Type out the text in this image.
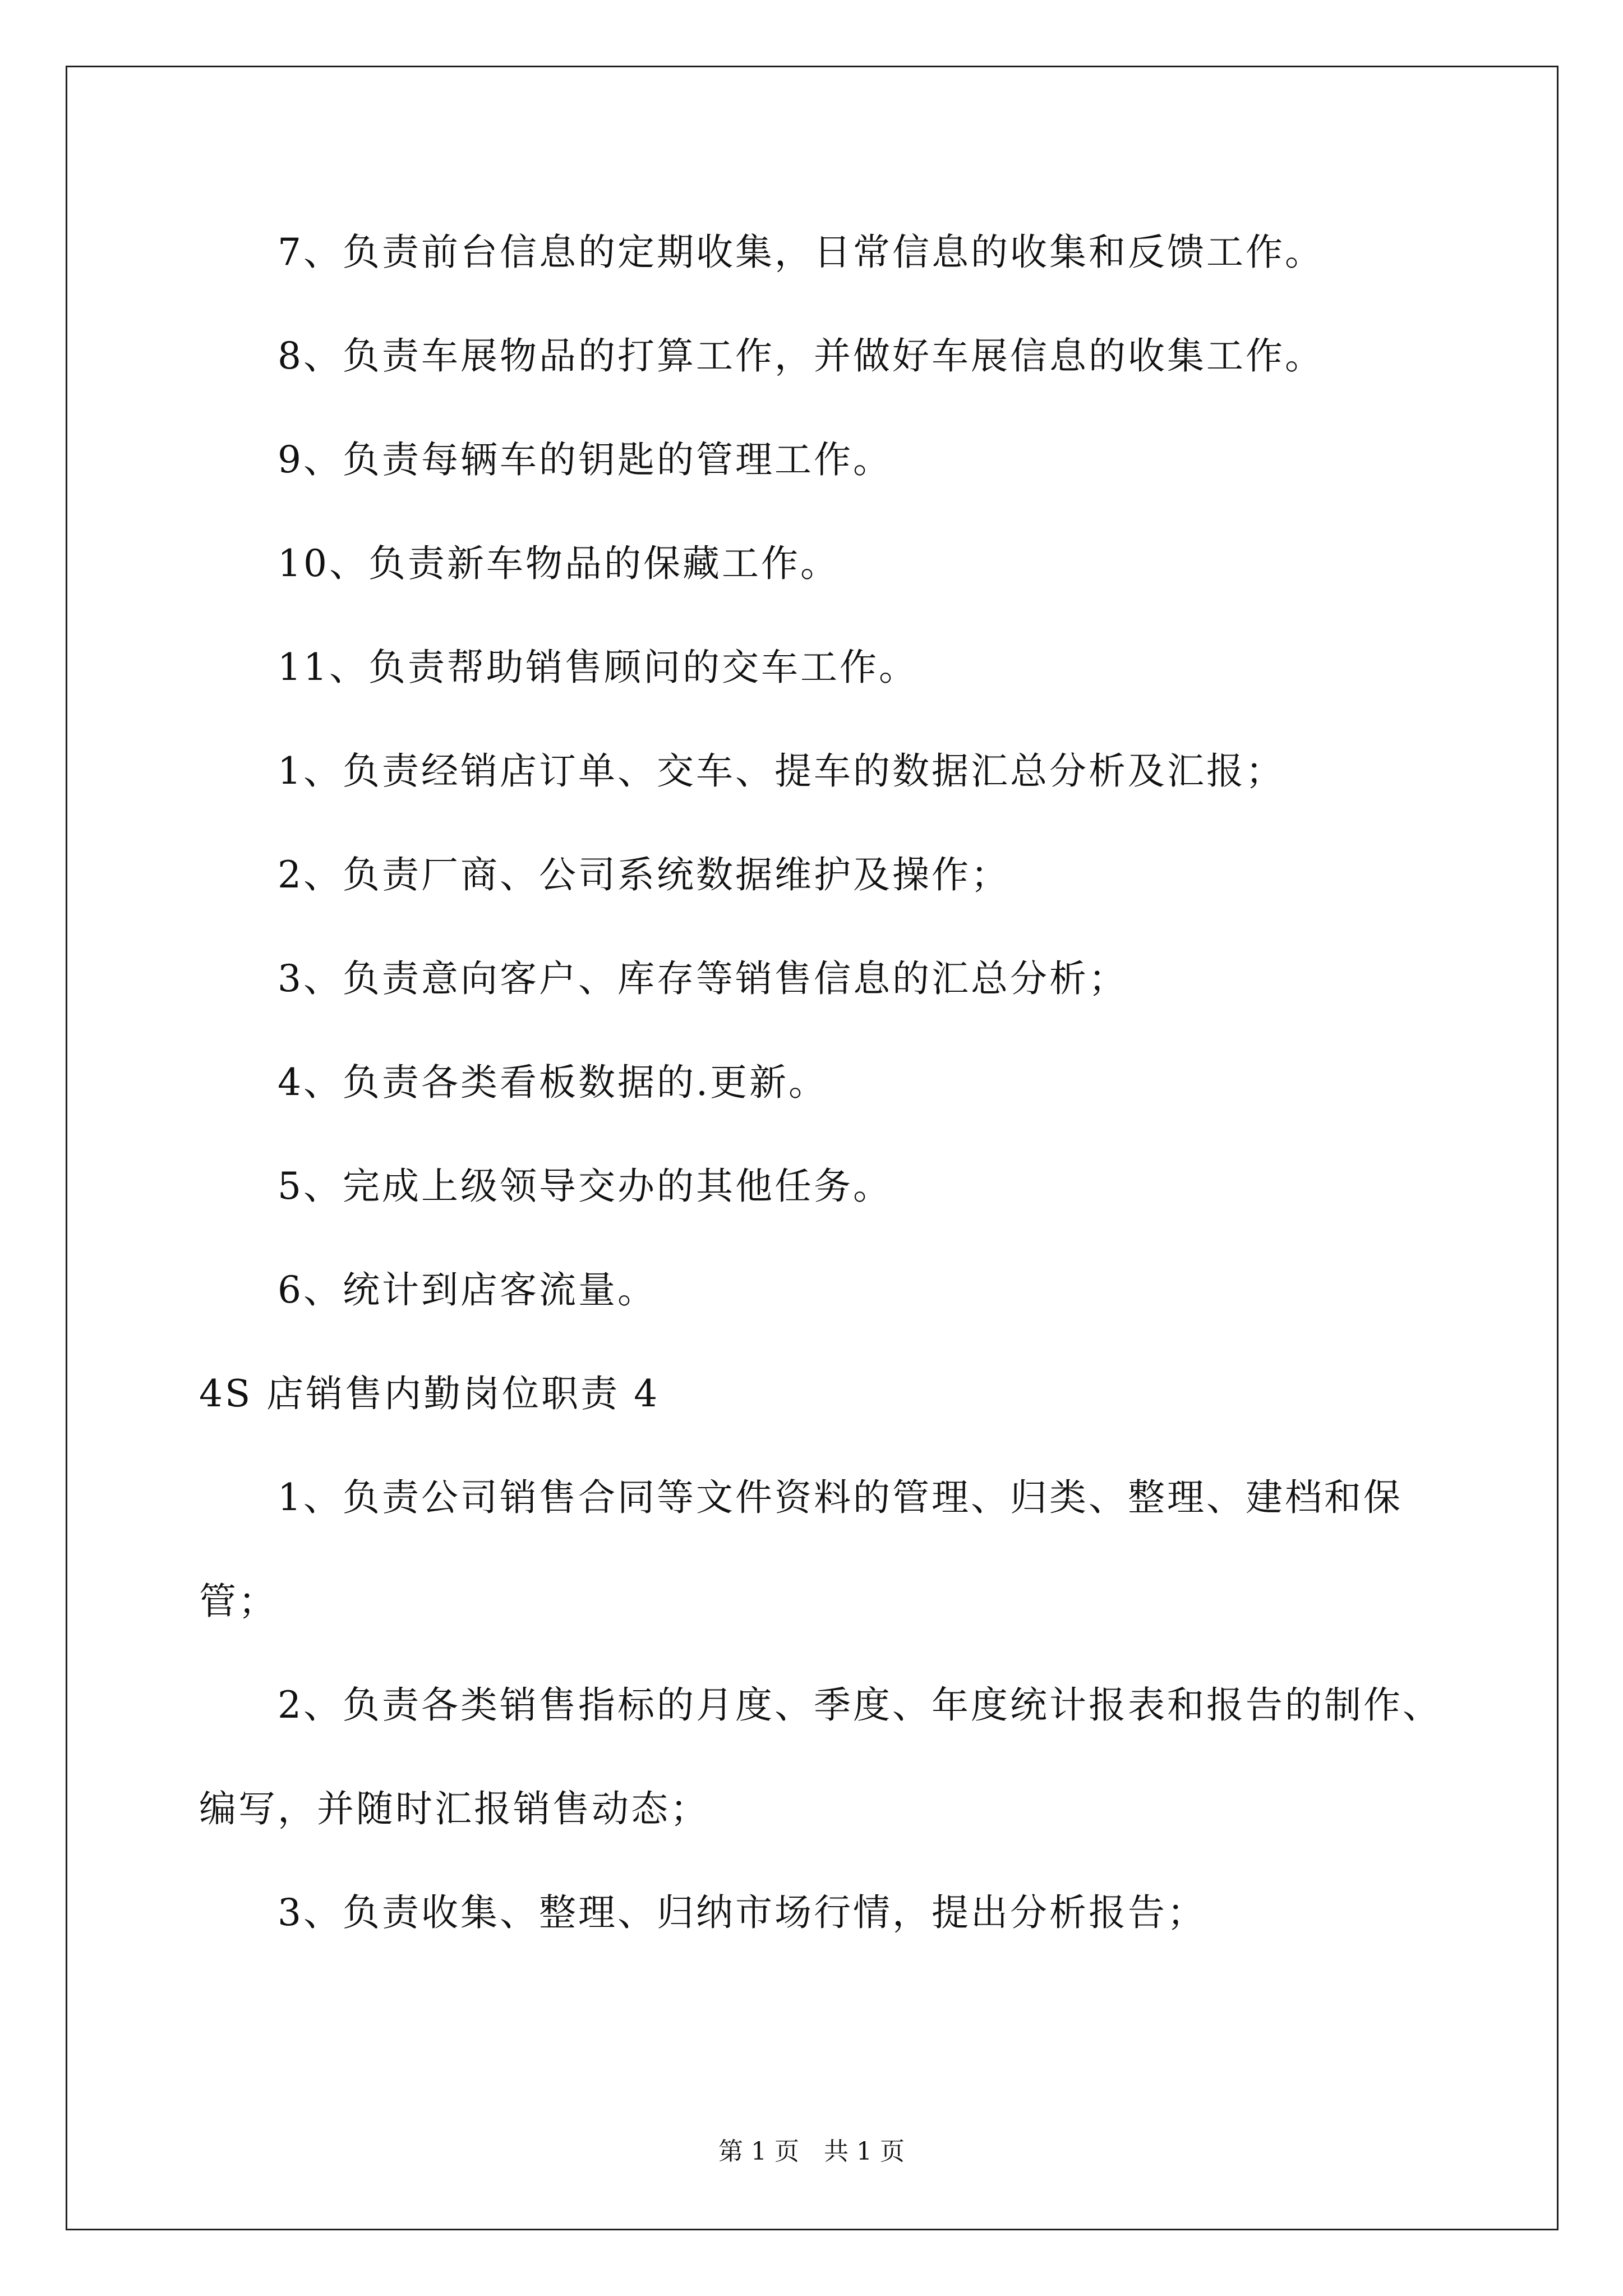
7、负责前台信息的定期收集，日常信息的收集和反馈工作。
8、负责车展物品的打算工作，并做好车展信息的收集工作。
9、负责每辆车的钥匙的管理工作。
10、负责新车物品的保藏工作。
11、负责帮助销售顾问的交车工作。
1、负责经销店订单、交车、提车的数据汇总分析及汇报；
2、负责厂商、公司系统数据维护及操作；
3、负责意向客户、库存等销售信息的汇总分析；
4、负责各类看板数据的.更新。
5、完成上级领导交办的其他任务。
6、统计到店客流量。
4S 店销售内勤岗位职责 4
1、负责公司销售合同等文件资料的管理、归类、整理、建档和保
管；
2、负责各类销售指标的月度、季度、年度统计报表和报告的制作、
编写，并随时汇报销售动态；
3、负责收集、整理、归纳市场行情，提出分析报告；
第 1 页　共 1 页
